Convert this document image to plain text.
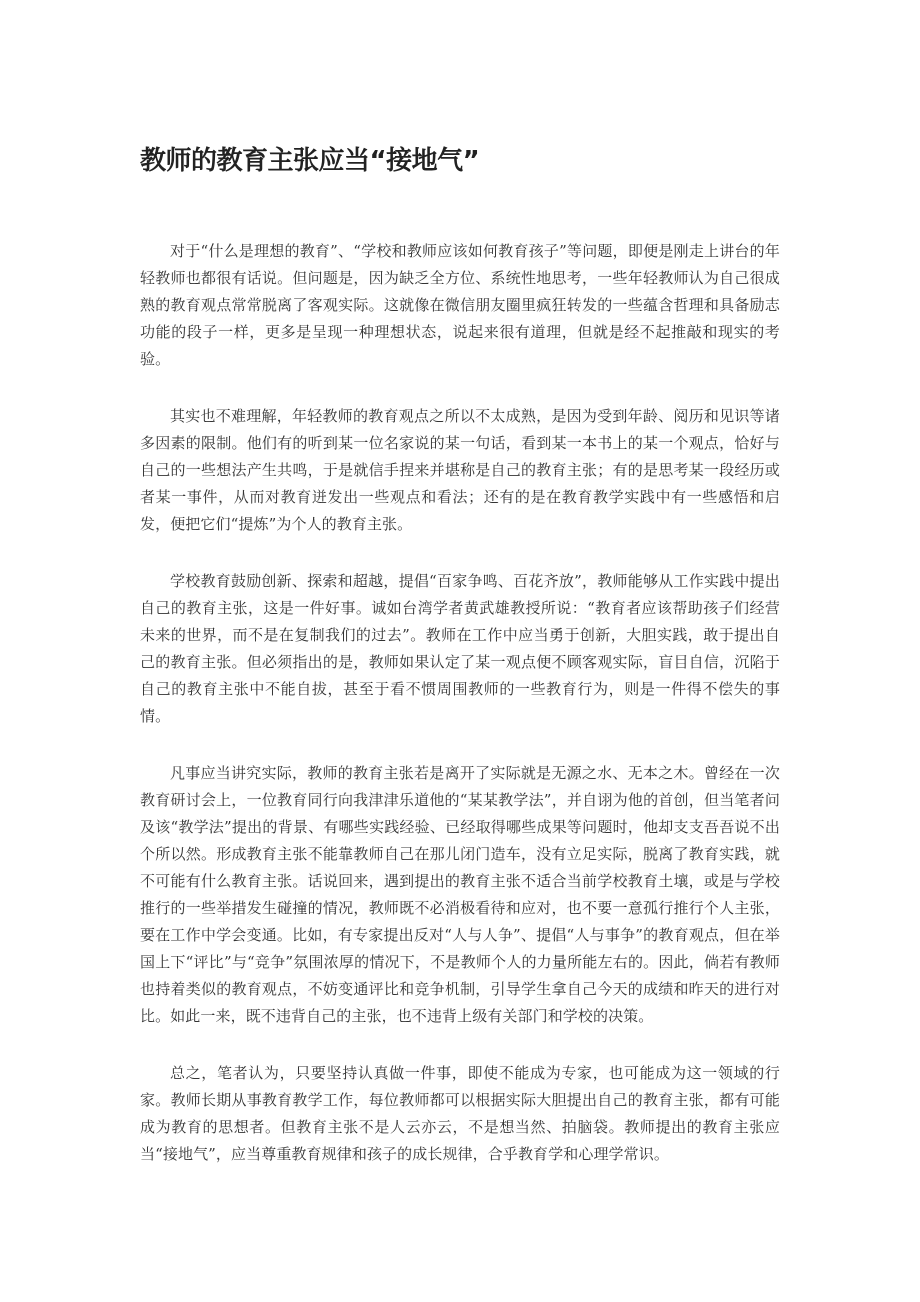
教师的教育主张应当“接地气”

对于“什么是理想的教育”、“学校和教师应该如何教育孩子”等问题，即便是刚走上讲台的年轻教师也都很有话说。但问题是，因为缺乏全方位、系统性地思考，一些年轻教师认为自己很成熟的教育观点常常脱离了客观实际。这就像在微信朋友圈里疯狂转发的一些蕴含哲理和具备励志功能的段子一样，更多是呈现一种理想状态，说起来很有道理，但就是经不起推敲和现实的考验。

其实也不难理解，年轻教师的教育观点之所以不太成熟，是因为受到年龄、阅历和见识等诸多因素的限制。他们有的听到某一位名家说的某一句话，看到某一本书上的某一个观点，恰好与自己的一些想法产生共鸣，于是就信手捏来并堪称是自己的教育主张；有的是思考某一段经历或者某一事件，从而对教育迸发出一些观点和看法；还有的是在教育教学实践中有一些感悟和启发，便把它们“提炼”为个人的教育主张。

学校教育鼓励创新、探索和超越，提倡“百家争鸣、百花齐放”，教师能够从工作实践中提出自己的教育主张，这是一件好事。诚如台湾学者黄武雄教授所说：“教育者应该帮助孩子们经营未来的世界，而不是在复制我们的过去”。教师在工作中应当勇于创新，大胆实践，敢于提出自己的教育主张。但必须指出的是，教师如果认定了某一观点便不顾客观实际，盲目自信，沉陷于自己的教育主张中不能自拔，甚至于看不惯周围教师的一些教育行为，则是一件得不偿失的事情。

凡事应当讲究实际，教师的教育主张若是离开了实际就是无源之水、无本之木。曾经在一次教育研讨会上，一位教育同行向我津津乐道他的“某某教学法”，并自诩为他的首创，但当笔者问及该“教学法”提出的背景、有哪些实践经验、已经取得哪些成果等问题时，他却支支吾吾说不出个所以然。形成教育主张不能靠教师自己在那儿闭门造车，没有立足实际，脱离了教育实践，就不可能有什么教育主张。话说回来，遇到提出的教育主张不适合当前学校教育土壤，或是与学校推行的一些举措发生碰撞的情况，教师既不必消极看待和应对，也不要一意孤行推行个人主张，要在工作中学会变通。比如，有专家提出反对“人与人争”、提倡“人与事争”的教育观点，但在举国上下“评比”与“竞争”氛围浓厚的情况下，不是教师个人的力量所能左右的。因此，倘若有教师也持着类似的教育观点，不妨变通评比和竞争机制，引导学生拿自己今天的成绩和昨天的进行对比。如此一来，既不违背自己的主张，也不违背上级有关部门和学校的决策。

总之，笔者认为，只要坚持认真做一件事，即使不能成为专家，也可能成为这一领域的行家。教师长期从事教育教学工作，每位教师都可以根据实际大胆提出自己的教育主张，都有可能成为教育的思想者。但教育主张不是人云亦云，不是想当然、拍脑袋。教师提出的教育主张应当“接地气”，应当尊重教育规律和孩子的成长规律，合乎教育学和心理学常识。
